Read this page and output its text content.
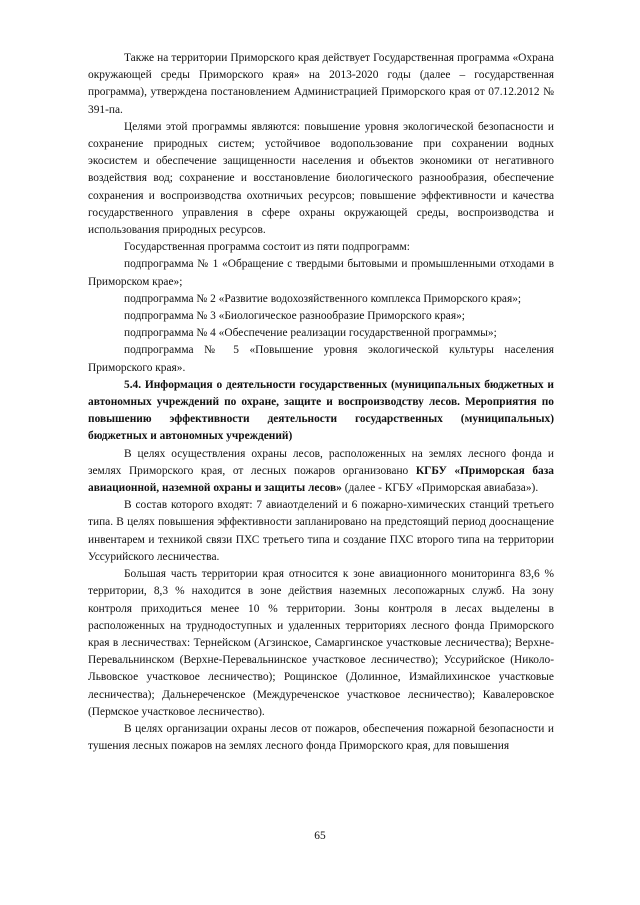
Также на территории Приморского края действует Государственная программа «Охрана окружающей среды Приморского края» на 2013-2020 годы (далее – государственная программа), утверждена постановлением Администрацией Приморского края от 07.12.2012 № 391-па.

Целями этой программы являются: повышение уровня экологической безопасности и сохранение природных систем; устойчивое водопользование при сохранении водных экосистем и обеспечение защищенности населения и объектов экономики от негативного воздействия вод; сохранение и восстановление биологического разнообразия, обеспечение сохранения и воспроизводства охотничьих ресурсов; повышение эффективности и качества государственного управления в сфере охраны окружающей среды, воспроизводства и использования природных ресурсов.

Государственная программа состоит из пяти подпрограмм:

подпрограмма № 1 «Обращение с твердыми бытовыми и промышленными отходами в Приморском крае»;

подпрограмма № 2 «Развитие водохозяйственного комплекса Приморского края»;

подпрограмма № 3 «Биологическое разнообразие Приморского края»;

подпрограмма № 4 «Обеспечение реализации государственной программы»;

подпрограмма № 5 «Повышение уровня экологической культуры населения Приморского края».

5.4. Информация о деятельности государственных (муниципальных бюджетных и автономных учреждений по охране, защите и воспроизводству лесов. Мероприятия по повышению эффективности деятельности государственных (муниципальных) бюджетных и автономных учреждений)

В целях осуществления охраны лесов, расположенных на землях лесного фонда и землях Приморского края, от лесных пожаров организовано КГБУ «Приморская база авиационной, наземной охраны и защиты лесов» (далее - КГБУ «Приморская авиабаза»).

В состав которого входят: 7 авиаотделений и 6 пожарно-химических станций третьего типа. В целях повышения эффективности запланировано на предстоящий период дооснащение инвентарем и техникой связи ПХС третьего типа и создание ПХС второго типа на территории Уссурийского лесничества.

Большая часть территории края относится к зоне авиационного мониторинга 83,6 % территории, 8,3 % находится в зоне действия наземных лесопожарных служб. На зону контроля приходиться менее 10 % территории. Зоны контроля в лесах выделены в расположенных на труднодоступных и удаленных территориях лесного фонда Приморского края в лесничествах: Тернейском (Агзинское, Самаргинское участковые лесничества); Верхне-Перевальнинском (Верхне-Перевальнинское участковое лесничество); Уссурийское (Николо-Львовское участковое лесничество); Рощинское (Долинное, Измайлихинское участковые лесничества); Дальнереченское (Междуреченское участковое лесничество); Кавалеровское (Пермское участковое лесничество).

В целях организации охраны лесов от пожаров, обеспечения пожарной безопасности и тушения лесных пожаров на землях лесного фонда Приморского края, для повышения

65
